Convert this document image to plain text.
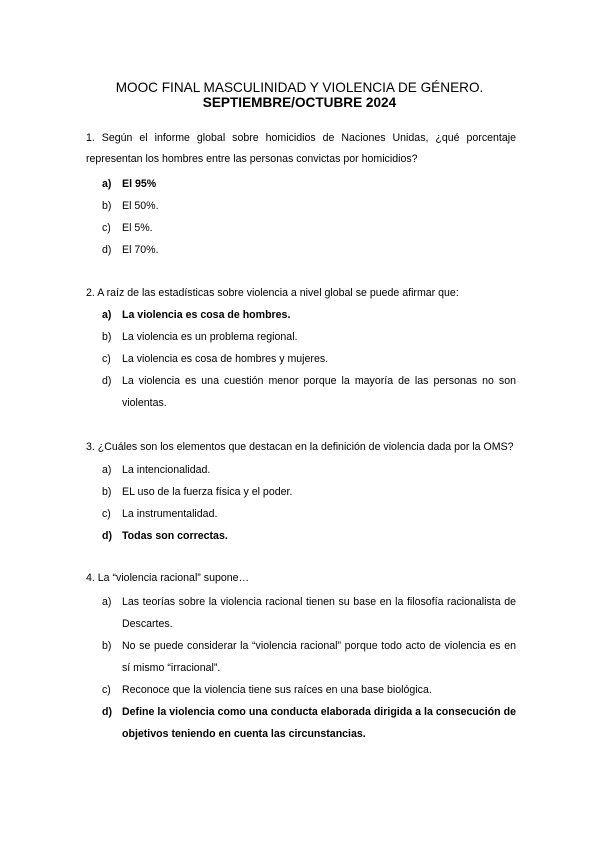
MOOC FINAL MASCULINIDAD Y VIOLENCIA DE GÉNERO.
SEPTIEMBRE/OCTUBRE 2024
1. Según el informe global sobre homicidios de Naciones Unidas, ¿qué porcentaje representan los hombres entre las personas convictas por homicidios?
a) El 95%
b) El 50%.
c)	El 5%.
d) El 70%.
2. A raíz de las estadísticas sobre violencia a nivel global se puede afirmar que:
a) La violencia es cosa de hombres.
b) La violencia es un problema regional.
c)	La violencia es cosa de hombres y mujeres.
d) La violencia es una cuestión menor porque la mayoría de las personas no son violentas.
3. ¿Cuáles son los elementos que destacan en la definición de violencia dada por la OMS?
a) La intencionalidad.
b) EL uso de la fuerza física y el poder.
c)	La instrumentalidad.
d) Todas son correctas.
4. La “violencia racional” supone…
a) Las teorías sobre la violencia racional tienen su base en la filosofía racionalista de Descartes.
b) No se puede considerar la “violencia racional” porque todo acto de violencia es en sí mismo “irracional”.
c)	Reconoce que la violencia tiene sus raíces en una base biológica.
d) Define la violencia como una conducta elaborada dirigida a la consecución de objetivos teniendo en cuenta las circunstancias.
